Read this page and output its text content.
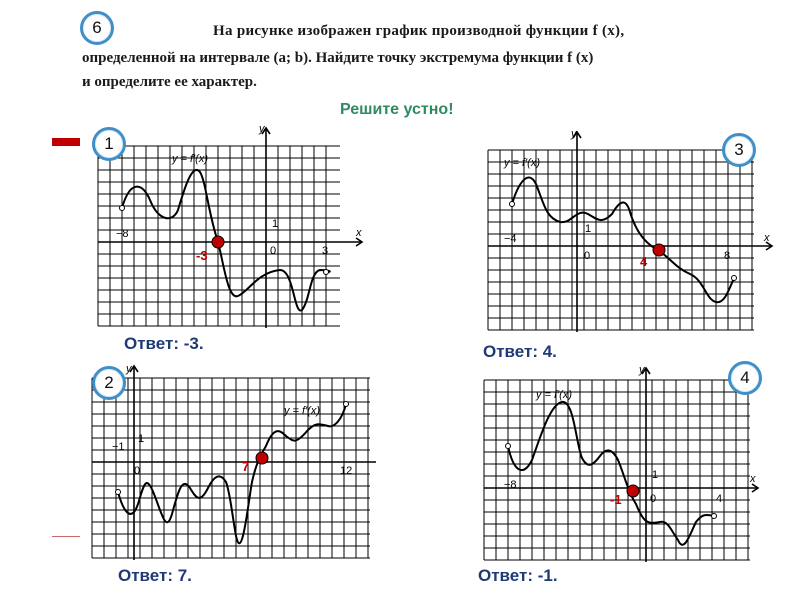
6	На рисунке изображен график производной функции f (x),
определенной на интервале (a; b). Найдите точку экстремума функции f (x)
и определите ее характер.
Решите устно!
y = f′(x)
x
y
−8
0	3
1
-3
1
Ответ: -3.
y = f′(x)
x
y
−4
0	8
1
4
3
Ответ: 4.
y = f′(x)
y
−1
0	12
1
7
2
Ответ: 7.
y = f′(x)
x
y
−8
0	4
1
-1
4
Ответ: -1.
